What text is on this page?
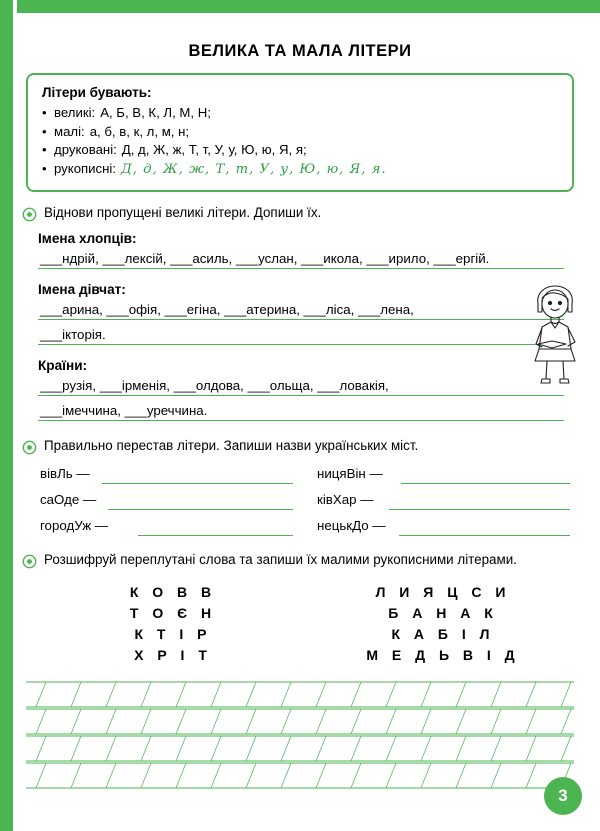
ВЕЛИКА ТА МАЛА ЛІТЕРИ
Літери бувають:
• великі: А, Б, В, К, Л, М, Н;
• малі: а, б, в, к, л, м, н;
• друковані: Д, д, Ж, ж, Т, т, У, у, Ю, ю, Я, я;
• рукописні: Д, д, Ж, ж, Т, т, У, у, Ю, ю, Я, я.
Віднови пропущені великі літери. Допиши їх.
Імена хлопців:
___ндрій, ___лексій, ___асиль, ___услан, ___икола, ___ирило, ___ергій.
Імена дівчат:
___арина, ___офія, ___егіна, ___атерина, ___ліса, ___лена,
___ікторія.
Країни:
___рузія, ___ірменія, ___олдова, ___ольща, ___ловакія,
___імеччина, ___уреччина.
Правильно перестав літери. Запиши назви українських міст.
вівЛь —
саОде —
городУж —
ницяВін —
ківХар —
нецькДо —
Розшифруй переплутані слова та запиши їх малими рукописними літерами.
К О В В
Т О Є Н
К Т І Р
Х Р І Т
Л И Я Ц С И
Б А Н А К
К А Б І Л
М Е Д Ь В І Д
3
